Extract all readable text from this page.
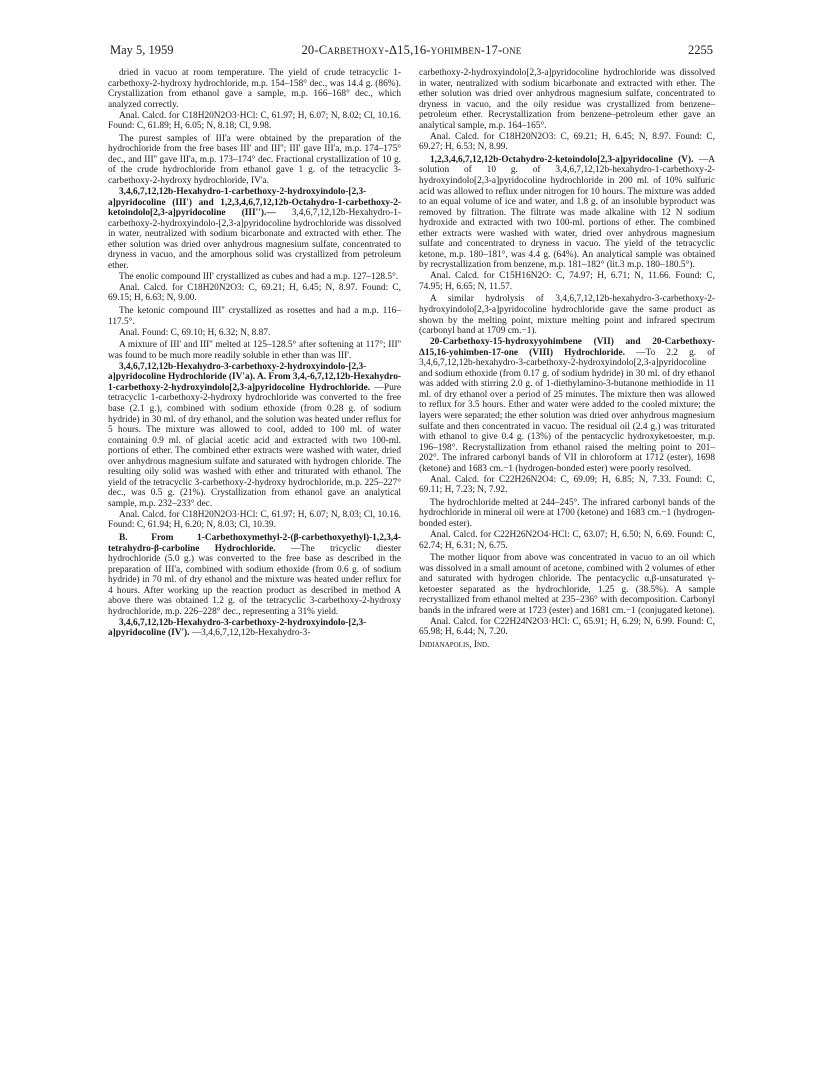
May 5, 1959	20-Carbethoxy-Δ15,16-yohimben-17-one	2255

dried in vacuo at room temperature. The yield of crude tetracyclic 1-carbethoxy-2-hydroxy hydrochloride, m.p. 154–158° dec., was 14.4 g. (86%). Crystallization from ethanol gave a sample, m.p. 166–168° dec., which analyzed correctly.

Anal. Calcd. for C18H20N2O3·HCl: C, 61.97; H, 6.07; N, 8.02; Cl, 10.16. Found: C, 61.89; H, 6.05; N, 8.18; Cl, 9.98.

The purest samples of III'a were obtained by the preparation of the hydrochloride from the free bases III' and III''; III' gave III'a, m.p. 174–175° dec., and III'' gave III'a, m.p. 173–174° dec. Fractional crystallization of 10 g. of the crude hydrochloride from ethanol gave 1 g. of the tetracyclic 3-carbethoxy-2-hydroxy hydrochloride, IV'a.

3,4,6,7,12,12b-Hexahydro-1-carbethoxy-2-hydroxyindolo-[2,3-a]pyridocoline (III') and 1,2,3,4,6,7,12,12b-Octahydro-1-carbethoxy-2-ketoindolo[2,3-a]pyridocoline (III'').— 3,4,6,7,12,12b-Hexahydro-1-carbethoxy-2-hydroxyindolo-[2,3-a]pyridocoline hydrochloride was dissolved in water, neutralized with sodium bicarbonate and extracted with ether. The ether solution was dried over anhydrous magnesium sulfate, concentrated to dryness in vacuo, and the amorphous solid was crystallized from petroleum ether.

The enolic compound III' crystallized as cubes and had a m.p. 127–128.5°.

Anal. Calcd. for C18H20N2O3: C, 69.21; H, 6.45; N, 8.97. Found: C, 69.15; H, 6.63; N, 9.00.

The ketonic compound III'' crystallized as rosettes and had a m.p. 116–117.5°.

Anal. Found: C, 69.10; H, 6.32; N, 8.87.

A mixture of III' and III'' melted at 125–128.5° after softening at 117°; III'' was found to be much more readily soluble in ether than was III'.

3,4,6,7,12,12b-Hexahydro-3-carbethoxy-2-hydroxyindolo-[2,3-a]pyridocoline Hydrochloride (IV'a). A. From 3,4,-6,7,12,12b-Hexahydro-1-carbethoxy-2-hydroxyindolo[2,3-a]pyridocoline Hydrochloride. —Pure tetracyclic 1-carbethoxy-2-hydroxy hydrochloride was converted to the free base (2.1 g.), combined with sodium ethoxide (from 0.28 g. of sodium hydride) in 30 ml. of dry ethanol, and the solution was heated under reflux for 5 hours. The mixture was allowed to cool, added to 100 ml. of water containing 0.9 ml. of glacial acetic acid and extracted with two 100-ml. portions of ether. The combined ether extracts were washed with water, dried over anhydrous magnesium sulfate and saturated with hydrogen chloride. The resulting oily solid was washed with ether and triturated with ethanol. The yield of the tetracyclic 3-carbethoxy-2-hydroxy hydrochloride, m.p. 225–227° dec., was 0.5 g. (21%). Crystallization from ethanol gave an analytical sample, m.p. 232–233° dec.

Anal. Calcd. for C18H20N2O3·HCl: C, 61.97; H, 6.07; N, 8.03; Cl, 10.16. Found: C, 61.94; H, 6.20; N, 8.03; Cl, 10.39.

B. From 1-Carbethoxymethyl-2-(β-carbethoxyethyl)-1,2,3,4-tetrahydro-β-carboline Hydrochloride. —The tricyclic diester hydrochloride (5.0 g.) was converted to the free base as described in the preparation of III'a, combined with sodium ethoxide (from 0.6 g. of sodium hydride) in 70 ml. of dry ethanol and the mixture was heated under reflux for 4 hours. After working up the reaction product as described in method A above there was obtained 1.2 g. of the tetracyclic 3-carbethoxy-2-hydroxy hydrochloride, m.p. 226–228° dec., representing a 31% yield.

3,4,6,7,12,12b-Hexahydro-3-carbethoxy-2-hydroxyindolo-[2,3-a]pyridocoline (IV'). —3,4,6,7,12,12b-Hexahydro-3-

carbethoxy-2-hydroxyindolo[2,3-a]pyridocoline hydrochloride was dissolved in water, neutralized with sodium bicarbonate and extracted with ether. The ether solution was dried over anhydrous magnesium sulfate, concentrated to dryness in vacuo, and the oily residue was crystallized from benzene–petroleum ether. Recrystallization from benzene–petroleum ether gave an analytical sample, m.p. 164–165°.

Anal. Calcd. for C18H20N2O3: C, 69.21; H, 6.45; N, 8.97. Found: C, 69.27; H, 6.53; N, 8.99.

1,2,3,4,6,7,12,12b-Octahydro-2-ketoindolo[2,3-a]pyridocoline (V). —A solution of 10 g. of 3,4,6,7,12,12b-hexahydro-1-carbethoxy-2-hydroxyindolo[2,3-a]pyridocoline hydrochloride in 200 ml. of 10% sulfuric acid was allowed to reflux under nitrogen for 10 hours. The mixture was added to an equal volume of ice and water, and 1.8 g. of an insoluble byproduct was removed by filtration. The filtrate was made alkaline with 12 N sodium hydroxide and extracted with two 100-ml. portions of ether. The combined ether extracts were washed with water, dried over anhydrous magnesium sulfate and concentrated to dryness in vacuo. The yield of the tetracyclic ketone, m.p. 180–181°, was 4.4 g. (64%). An analytical sample was obtained by recrystallization from benzene, m.p. 181–182° (lit.3 m.p. 180–180.5°).

Anal. Calcd. for C15H16N2O: C, 74.97; H, 6.71; N, 11.66. Found: C, 74.95; H, 6.65; N, 11.57.

A similar hydrolysis of 3,4,6,7,12,12b-hexahydro-3-carbethoxy-2-hydroxyindolo[2,3-a]pyridocoline hydrochloride gave the same product as shown by the melting point, mixture melting point and infrared spectrum (carbonyl band at 1709 cm.−1).

20-Carbethoxy-15-hydroxyyohimbene (VII) and 20-Carbethoxy-Δ15,16-yohimben-17-one (VIII) Hydrochloride. —To 2.2 g. of 3,4,6,7,12,12b-hexahydro-3-carbethoxy-2-hydroxyindolo[2,3-a]pyridocoline and sodium ethoxide (from 0.17 g. of sodium hydride) in 30 ml. of dry ethanol was added with stirring 2.0 g. of 1-diethylamino-3-butanone methiodide in 11 ml. of dry ethanol over a period of 25 minutes. The mixture then was allowed to reflux for 3.5 hours. Ether and water were added to the cooled mixture; the layers were separated; the ether solution was dried over anhydrous magnesium sulfate and then concentrated in vacuo. The residual oil (2.4 g.) was triturated with ethanol to give 0.4 g. (13%) of the pentacyclic hydroxyketoester, m.p. 196–198°. Recrystallization from ethanol raised the melting point to 201–202°. The infrared carbonyl bands of VII in chloroform at 1712 (ester), 1698 (ketone) and 1683 cm.−1 (hydrogen-bonded ester) were poorly resolved.

Anal. Calcd. for C22H26N2O4: C, 69.09; H, 6.85; N, 7.33. Found: C, 69.11; H, 7.23; N, 7.92.

The hydrochloride melted at 244–245°. The infrared carbonyl bands of the hydrochloride in mineral oil were at 1700 (ketone) and 1683 cm.−1 (hydrogen-bonded ester).

Anal. Calcd. for C22H26N2O4·HCl: C, 63.07; H, 6.50; N, 6.69. Found: C, 62.74; H, 6.31; N, 6.75.

The mother liquor from above was concentrated in vacuo to an oil which was dissolved in a small amount of acetone, combined with 2 volumes of ether and saturated with hydrogen chloride. The pentacyclic α,β-unsaturated γ-ketoester separated as the hydrochloride, 1.25 g. (38.5%). A sample recrystallized from ethanol melted at 235–236° with decomposition. Carbonyl bands in the infrared were at 1723 (ester) and 1681 cm.−1 (conjugated ketone).

Anal. Calcd. for C22H24N2O3·HCl: C, 65.91; H, 6.29; N, 6.99. Found: C, 65.98; H, 6.44; N, 7.20.

Indianapolis, Ind.
